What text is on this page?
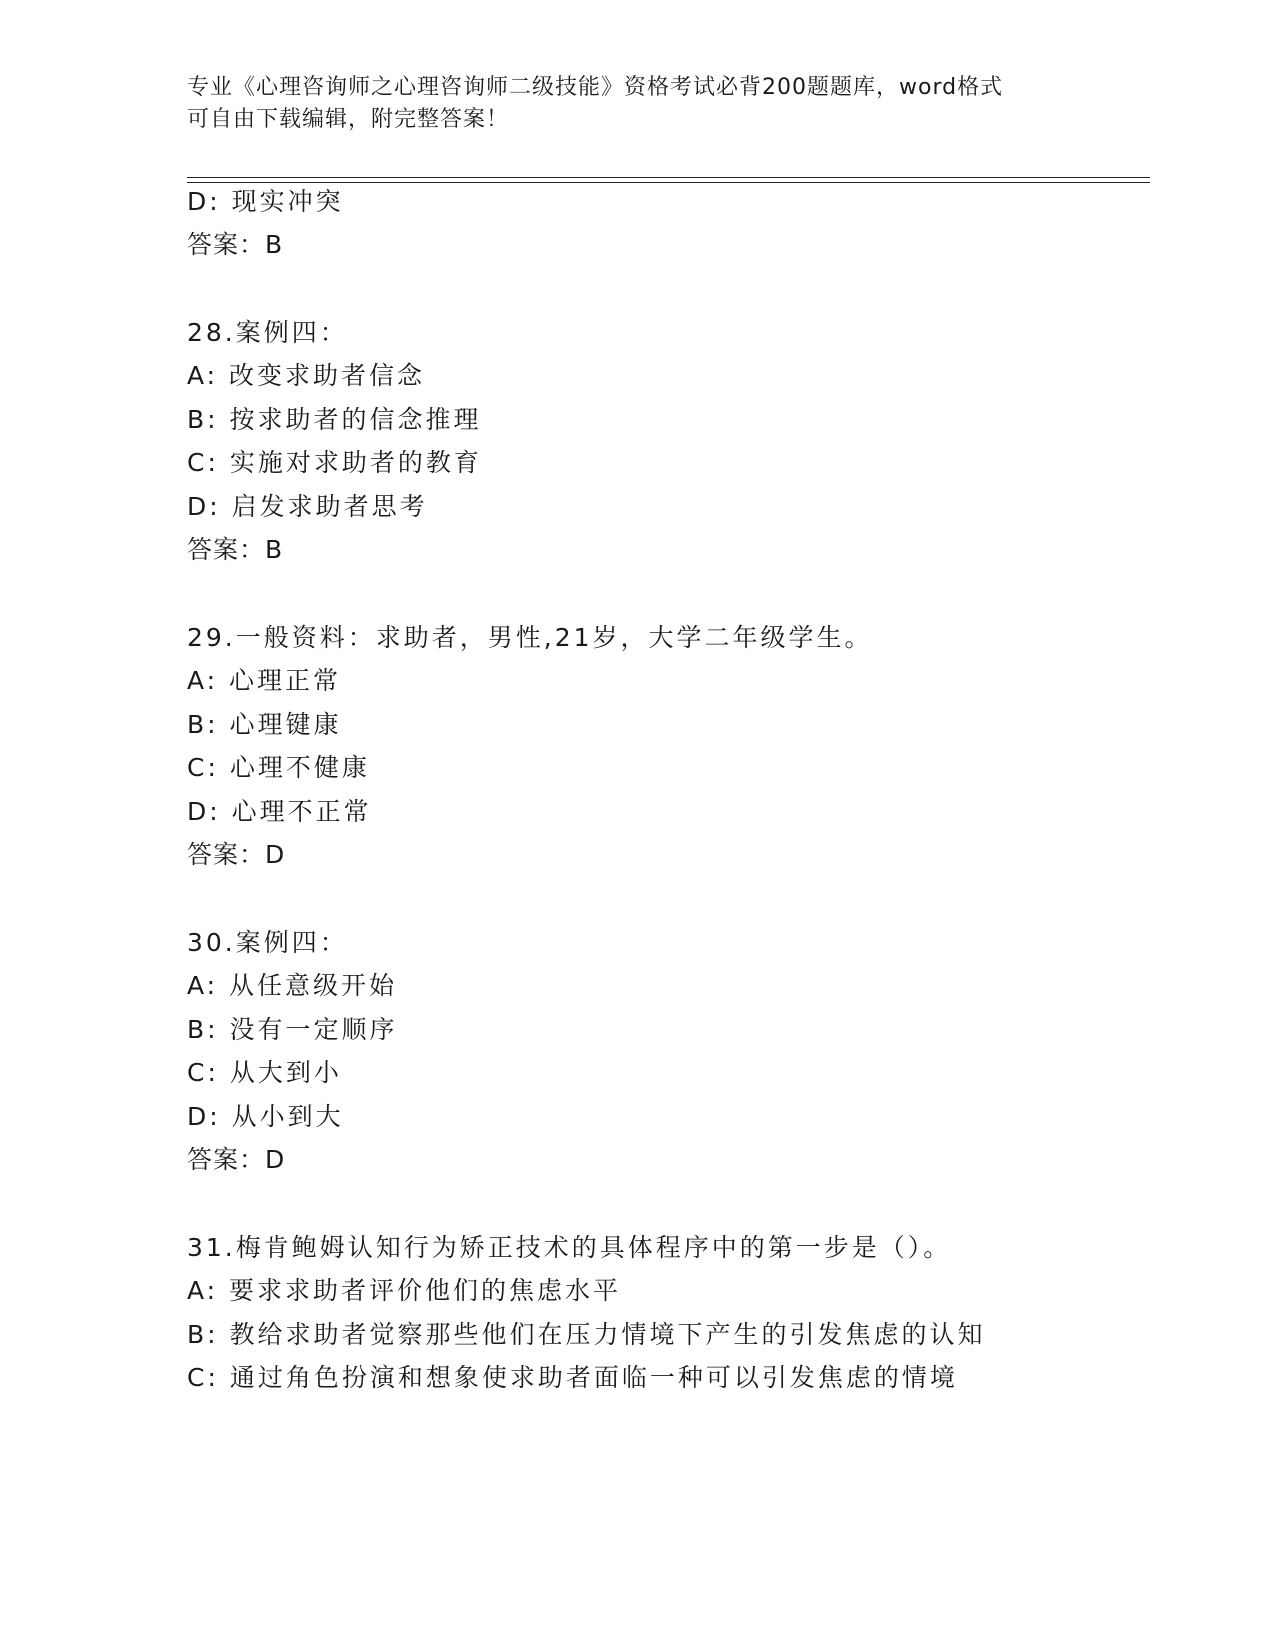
专业《心理咨询师之心理咨询师二级技能》资格考试必背200题题库，word格式
可自由下载编辑，附完整答案！
D: 现实冲突
答案：B
28.案例四：
A: 改变求助者信念
B: 按求助者的信念推理
C: 实施对求助者的教育
D: 启发求助者思考
答案：B
29.一般资料：求助者，男性,21岁，大学二年级学生。
A: 心理正常
B: 心理键康
C: 心理不健康
D: 心理不正常
答案：D
30.案例四：
A: 从任意级开始
B: 没有一定顺序
C: 从大到小
D: 从小到大
答案：D
31.梅肯鲍姆认知行为矫正技术的具体程序中的第一步是（）。
A: 要求求助者评价他们的焦虑水平
B: 教给求助者觉察那些他们在压力情境下产生的引发焦虑的认知
C: 通过角色扮演和想象使求助者面临一种可以引发焦虑的情境
